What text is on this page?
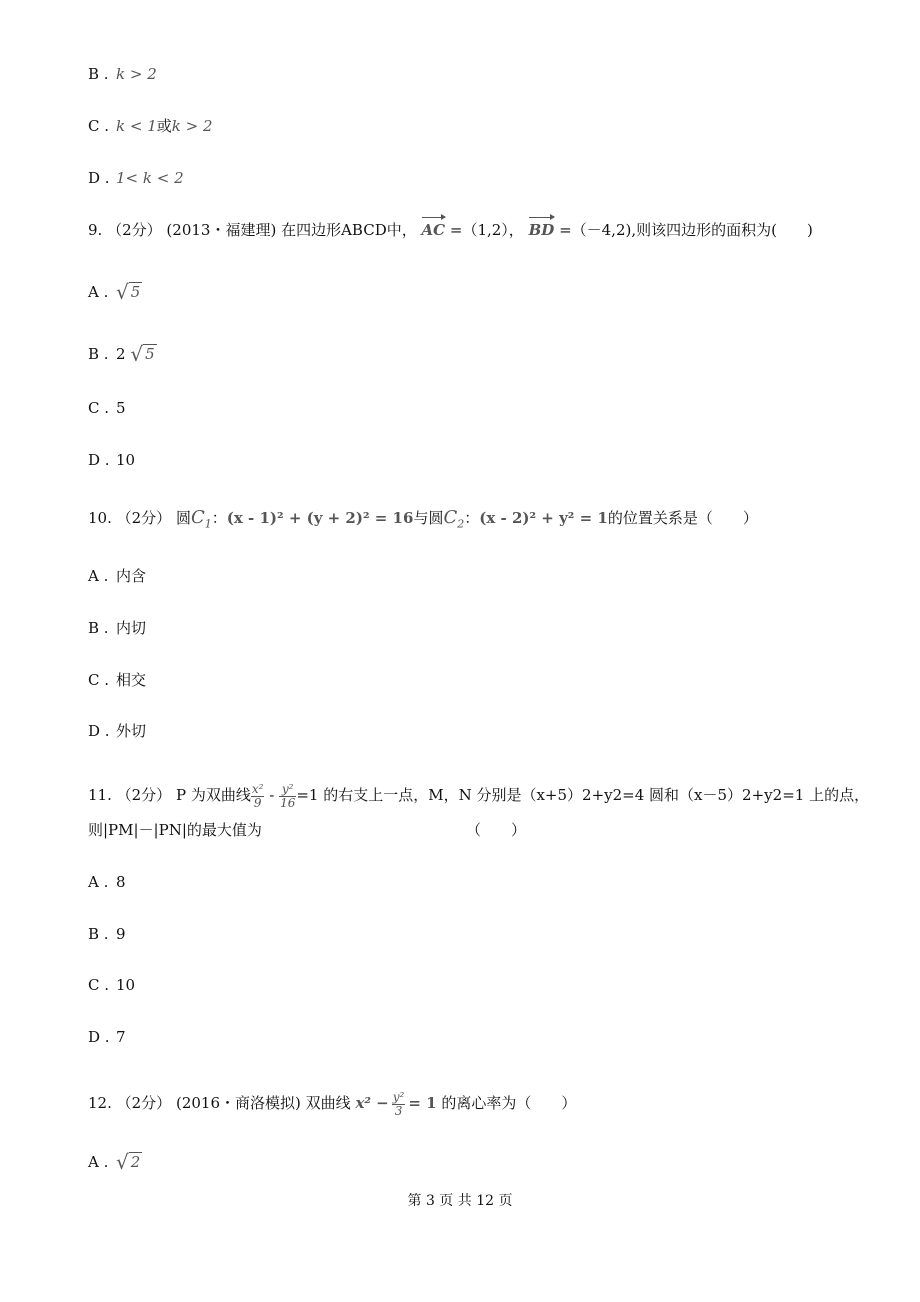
B . k > 2
C . k < 1或k > 2
D . 1< k < 2
9. （2分） (2013・福建理) 在四边形ABCD中， AC =（1,2）， BD =（－4,2),则该四边形的面积为(　　)
A . √ 5
B . 2 √ 5
C . 5
D . 10
10. （2分） 圆$C_1$：(x - 1)² + (y + 2)² = 16与圆$C_2$：(x - 2)² + y² = 1的位置关系是（　　）
A . 内含
B . 内切
C . 相交
D . 外切
11. （2分） P 为双曲线 $\frac{\text{x²}}{9} - \frac{\text{y²}}{16} =1$ 的右支上一点，M，N 分别是（x+5）2+y2=4 圆和（x－5）2+y2=1 上的点，
则|PM|－|PN|的最大值为	（　　）
A . 8
B . 9
C . 10
D . 7
12. （2分） (2016・商洛模拟) 双曲线 $x^2 - \frac{\text{y²}}{3} = 1$ 的离心率为（　　）
A . √ 2
第 3 页 共 12 页
